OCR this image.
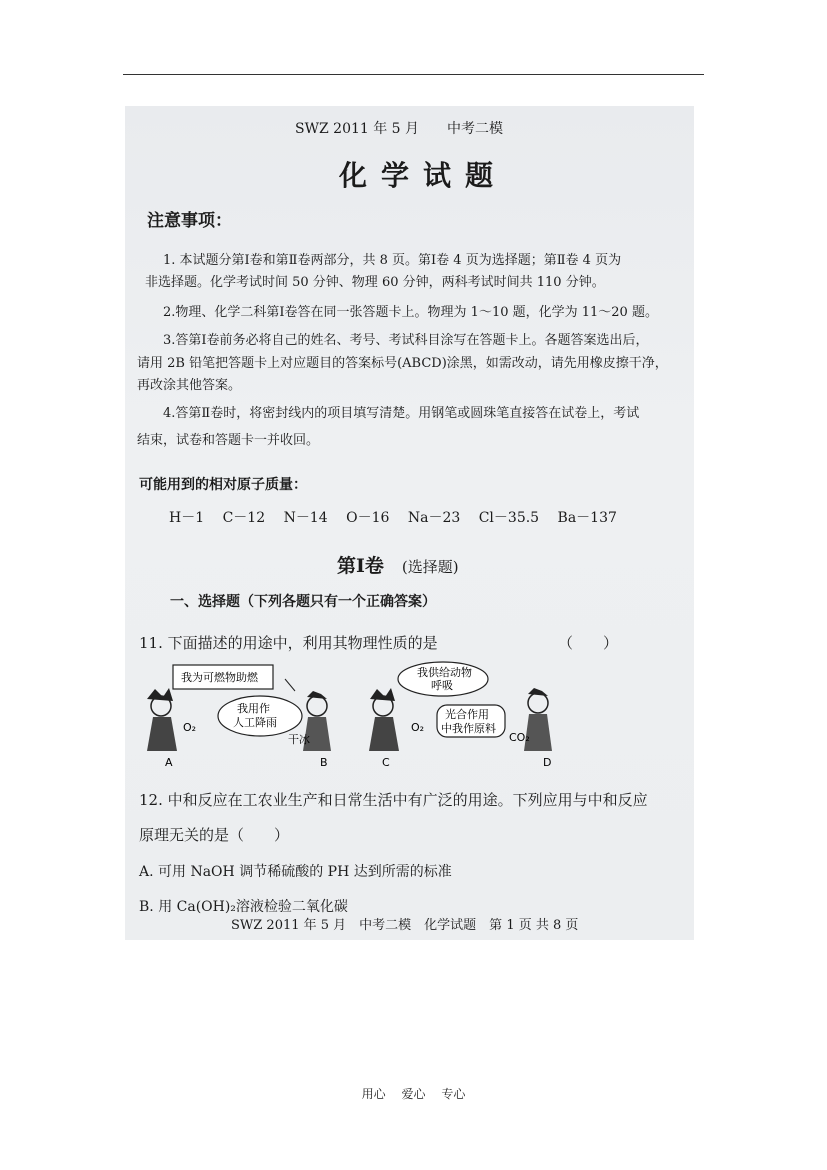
SWZ 2011 年 5 月 中考二模
化学试题
注意事项：
1. 本试题分第Ⅰ卷和第Ⅱ卷两部分，共 8 页。第Ⅰ卷 4 页为选择题；第Ⅱ卷 4 页为
非选择题。化学考试时间 50 分钟、物理 60 分钟，两科考试时间共 110 分钟。
2.物理、化学二科第Ⅰ卷答在同一张答题卡上。物理为 1～10 题，化学为 11～20 题。
3.答第Ⅰ卷前务必将自己的姓名、考号、考试科目涂写在答题卡上。各题答案选出后，
请用 2B 铅笔把答题卡上对应题目的答案标号(ABCD)涂黑，如需改动，请先用橡皮擦干净，
再改涂其他答案。
4.答第Ⅱ卷时，将密封线内的项目填写清楚。用钢笔或圆珠笔直接答在试卷上，考试
结束，试卷和答题卡一并收回。
可能用到的相对原子质量：
H－1 C－12 N－14 O－16 Na－23 Cl－35.5 Ba－137
第Ⅰ卷 (选择题)
一、选择题（下列各题只有一个正确答案）
11. 下面描述的用途中，利用其物理性质的是	（　　）
O₂
A
我为可燃物助燃
干冰
B
我用作
人工降雨	O₂
C
我供给动物
呼吸
CO₂
D
光合作用
中我作原料
12. 中和反应在工农业生产和日常生活中有广泛的用途。下列应用与中和反应
原理无关的是（　　）
A. 可用 NaOH 调节稀硫酸的 PH 达到所需的标准
B. 用 Ca(OH)₂溶液检验二氧化碳
SWZ 2011 年 5 月　中考二模　化学试题　第 1 页 共 8 页
用心 爱心 专心
